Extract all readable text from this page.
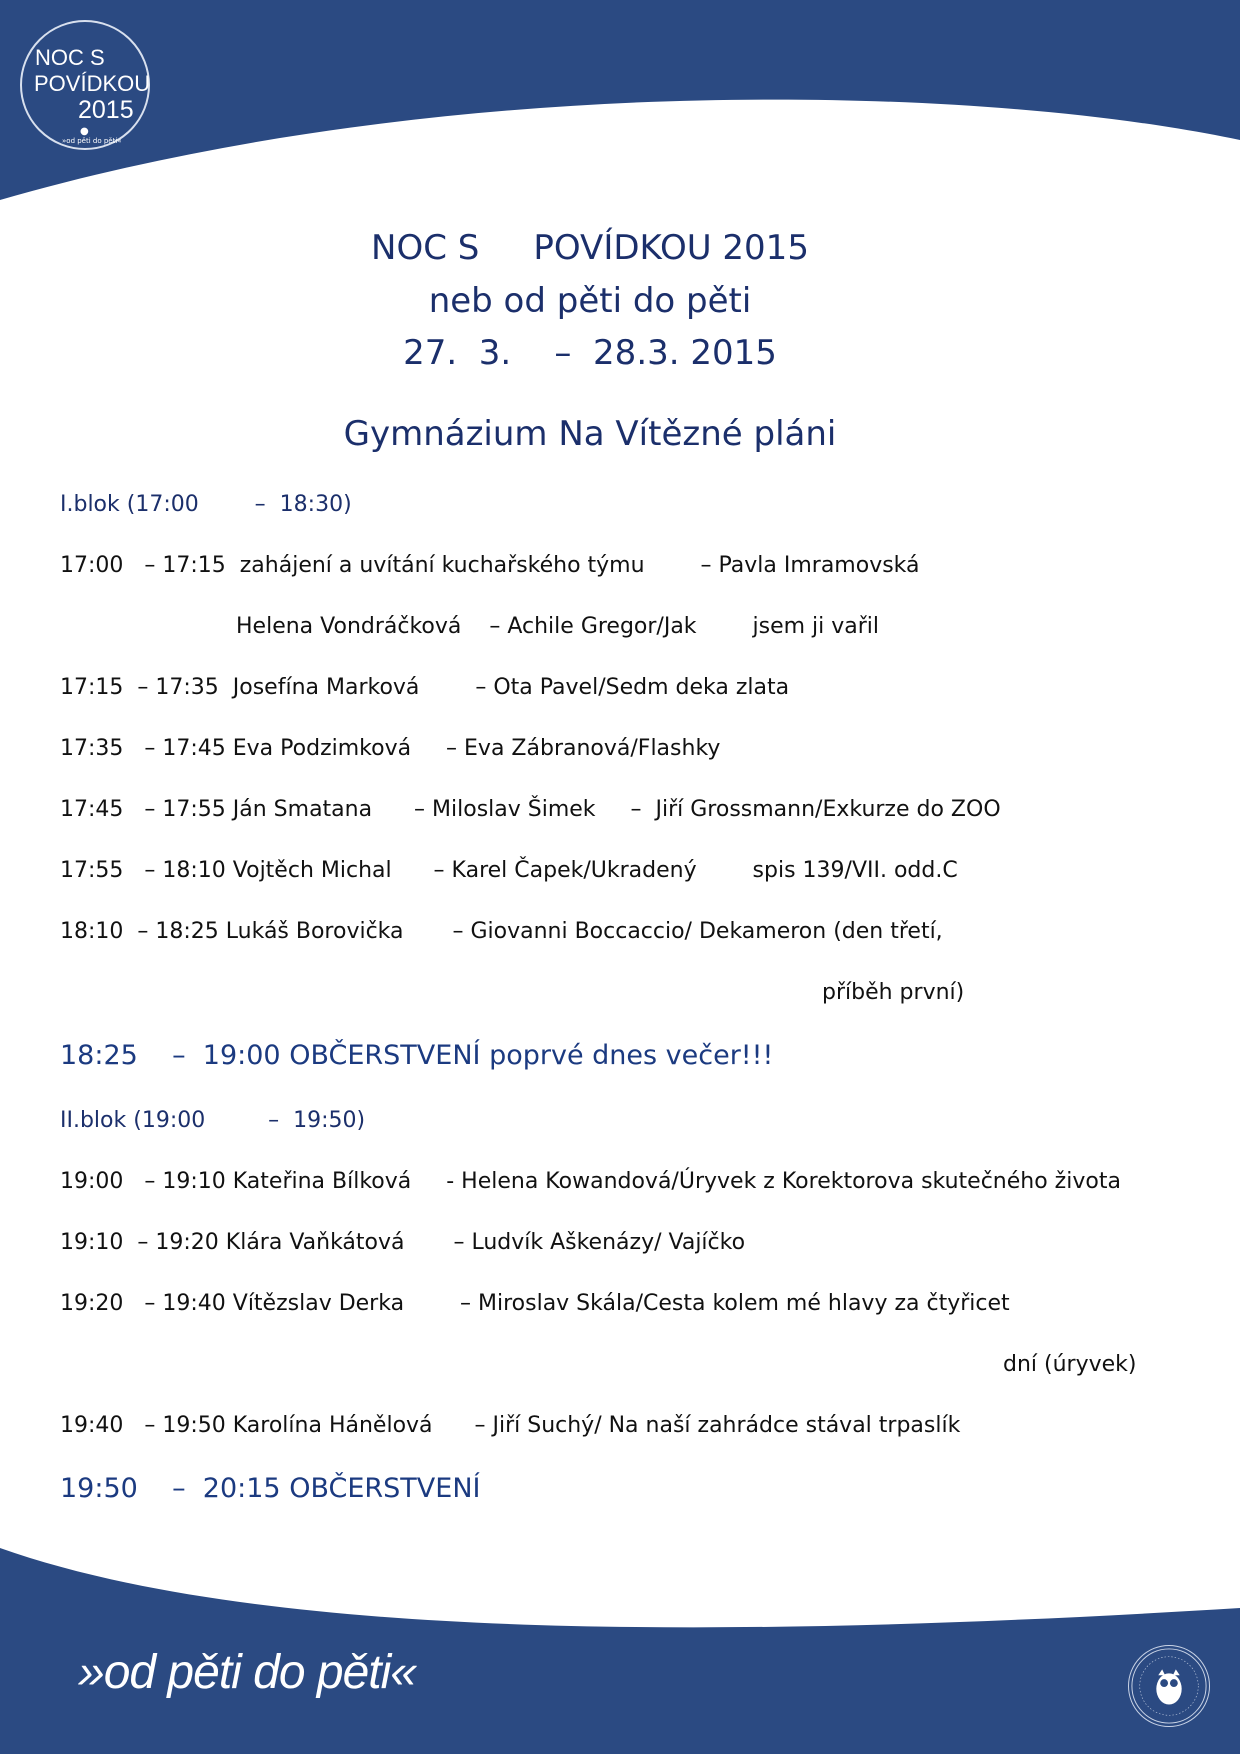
NOC S
POVÍDKOU
2015
●
»od pěti do pěti«
NOC S     POVÍDKOU 2015
neb od pěti do pěti
27.  3.    –  28.3. 2015
Gymnázium Na Vítězné pláni
I.blok (17:00        –  18:30)
17:00   – 17:15  zahájení a uvítání kuchařského týmu        – Pavla Imramovská
Helena Vondráčková    – Achile Gregor/Jak        jsem ji vařil
17:15  – 17:35  Josefína Marková        – Ota Pavel/Sedm deka zlata
17:35   – 17:45 Eva Podzimková     – Eva Zábranová/Flashky
17:45   – 17:55 Ján Smatana      – Miloslav Šimek     –  Jiří Grossmann/Exkurze do ZOO
17:55   – 18:10 Vojtěch Michal      – Karel Čapek/Ukradený        spis 139/VII. odd.C
18:10  – 18:25 Lukáš Borovička       – Giovanni Boccaccio/ Dekameron (den třetí,
příběh první)
18:25    –  19:00 OBČERSTVENÍ poprvé dnes večer!!!
II.blok (19:00         –  19:50)
19:00   – 19:10 Kateřina Bílková     - Helena Kowandová/Úryvek z Korektorova skutečného života
19:10  – 19:20 Klára Vaňkátová       – Ludvík Aškenázy/ Vajíčko
19:20   – 19:40 Vítězslav Derka        – Miroslav Skála/Cesta kolem mé hlavy za čtyřicet
dní (úryvek)
19:40   – 19:50 Karolína Hánělová      – Jiří Suchý/ Na naší zahrádce stával trpaslík
19:50    –  20:15 OBČERSTVENÍ
»od pěti do pěti«
